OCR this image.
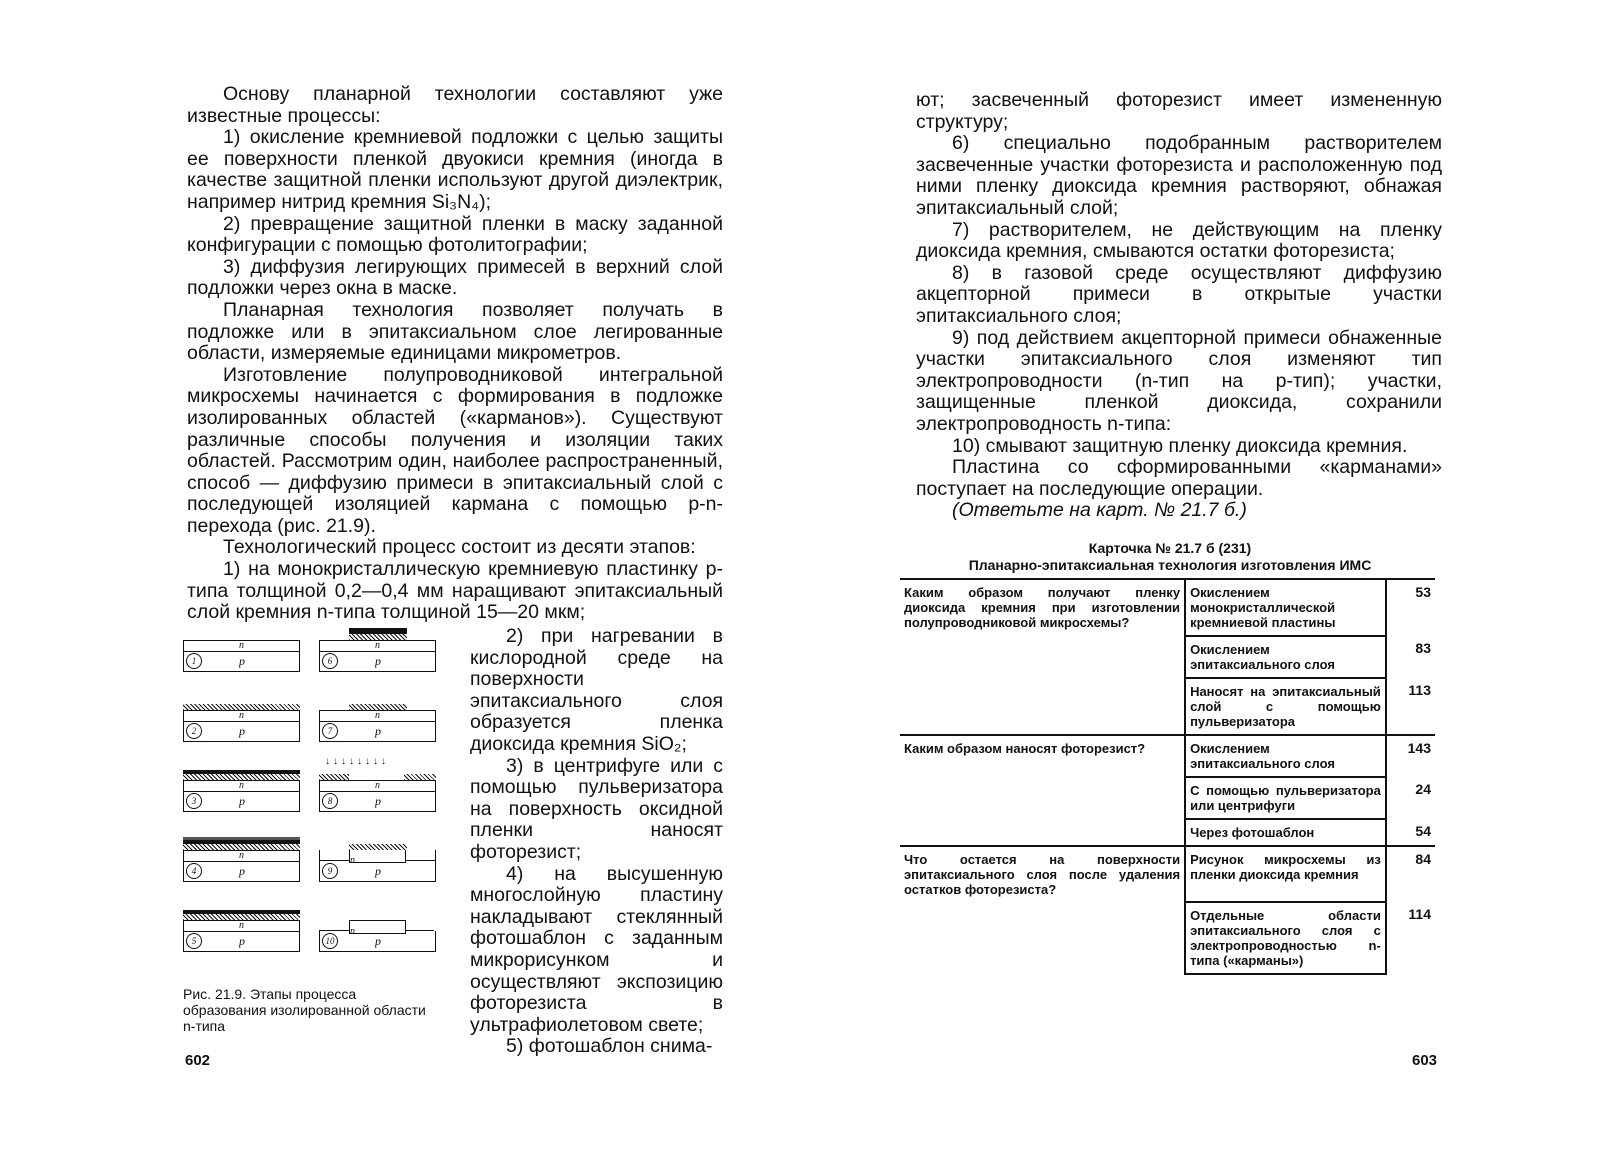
Основу планарной технологии составляют уже известные процессы:

1) окисление кремниевой подложки с целью защиты ее поверхности пленкой двуокиси кремния (иногда в качестве защитной пленки используют другой диэлектрик, например нитрид кремния Si₃N₄);

2) превращение защитной пленки в маску заданной конфигурации с помощью фотолитографии;

3) диффузия легирующих примесей в верхний слой подложки через окна в маске.

Планарная технология позволяет получать в подложке или в эпитаксиальном слое легированные области, измеряемые единицами микрометров.

Изготовление полупроводниковой интегральной микросхемы начинается с формирования в подложке изолированных областей («карманов»). Существуют различные способы получения и изоляции таких областей. Рассмотрим один, наиболее распространенный, способ — диффузию примеси в эпитаксиальный слой с последующей изоляцией кармана с помощью p-n-перехода (рис. 21.9).

Технологический процесс состоит из десяти этапов:

1) на монокристаллическую кремниевую пластинку p-типа толщиной 0,2—0,4 мм наращивают эпитаксиальный слой кремния n-типа толщиной 15—20 мкм;

2) при нагревании в кислородной среде на поверхности эпитаксиального слоя образуется пленка диоксида кремния SiO₂;

3) в центрифуге или с помощью пульверизатора на поверхность оксидной пленки наносят фоторезист;

4) на высушенную многослойную пластину накладывают стеклянный фотошаблон с заданным микрорисунком и осуществляют экспозицию фоторезиста в ультрафиолетовом свете;

5) фотошаблон снима-

n
1	p
n
2	p
n
3	p
n
4	p
n
5	p
n
6	p
n
7	p
↓↓↓↓↓↓↓↓
n
8	p
n
9	p
n
10	p
Рис. 21.9. Этапы процесса образования изолированной области n-типа
602

ют; засвеченный фоторезист имеет измененную структуру;

6) специально подобранным растворителем засвеченные участки фоторезиста и расположенную под ними пленку диоксида кремния растворяют, обнажая эпитаксиальный слой;

7) растворителем, не действующим на пленку диоксида кремния, смываются остатки фоторезиста;

8) в газовой среде осуществляют диффузию акцепторной примеси в открытые участки эпитаксиального слоя;

9) под действием акцепторной примеси обнаженные участки эпитаксиального слоя изменяют тип электропроводности (n-тип на p-тип); участки, защищенные пленкой диоксида, сохранили электропроводность n-типа:

10) смывают защитную пленку диоксида кремния.

Пластина со сформированными «карманами» поступает на последующие операции.

(Ответьте на карт. № 21.7 б.)

Карточка № 21.7 б (231)
Планарно-эпитаксиальная технология изготовления ИМС
Каким образом получают пленку диоксида кремния при изготовлении полупроводниковой микросхемы?	Окислением монокристаллической кремниевой пластины	53
	Окислением эпитаксиального слоя	83
	Наносят на эпитаксиальный слой с помощью пульверизатора	113
Каким образом наносят фоторезист?	Окислением эпитаксиального слоя	143
	С помощью пульверизатора или центрифуги	24
	Через фотошаблон	54
Что остается на поверхности эпитаксиального слоя после удаления остатков фоторезиста?	Рисунок микросхемы из пленки диоксида кремния	84
	Отдельные области эпитаксиального слоя с электропроводностью n-типа («карманы»)	114
603
